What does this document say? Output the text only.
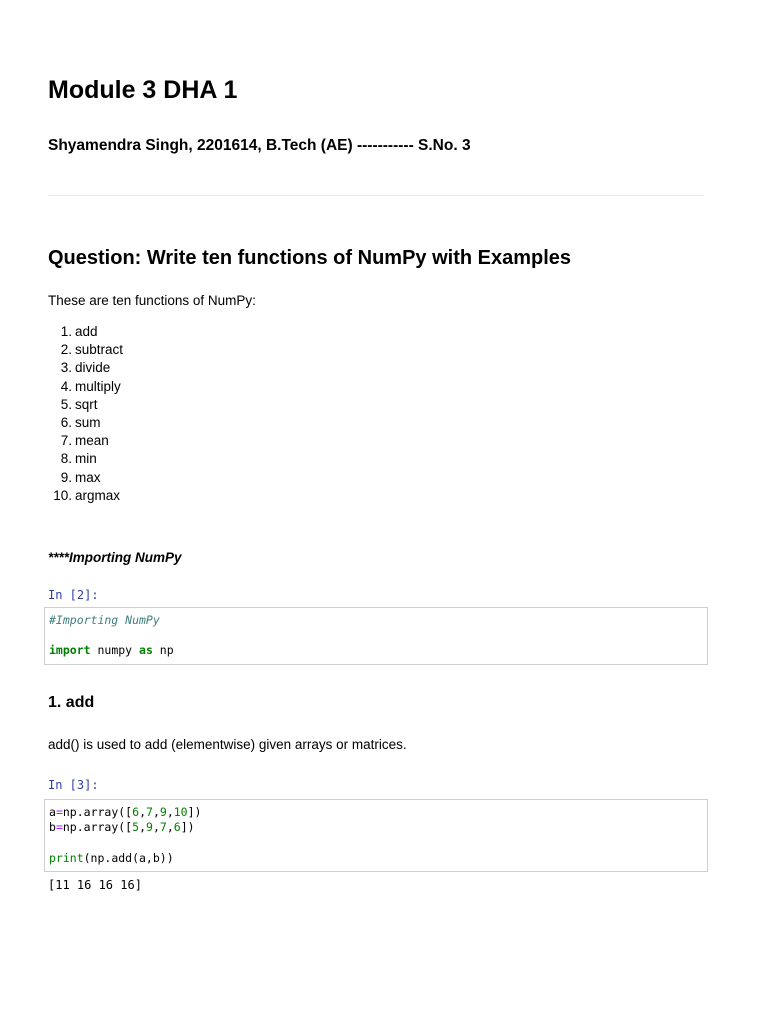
Module 3 DHA 1

Shyamendra Singh, 2201614, B.Tech (AE) ----------- S.No. 3

Question: Write ten functions of NumPy with Examples

These are ten functions of NumPy:

1. add
2. subtract
3. divide
4. multiply
5. sqrt
6. sum
7. mean
8. min
9. max
10. argmax

****Importing NumPy

In [2]:
#Importing NumPy

import numpy as np
1. add

add() is used to add (elementwise) given arrays or matrices.

In [3]:
a=np.array([6,7,9,10])
b=np.array([5,9,7,6])

print(np.add(a,b))
[11 16 16 16]
